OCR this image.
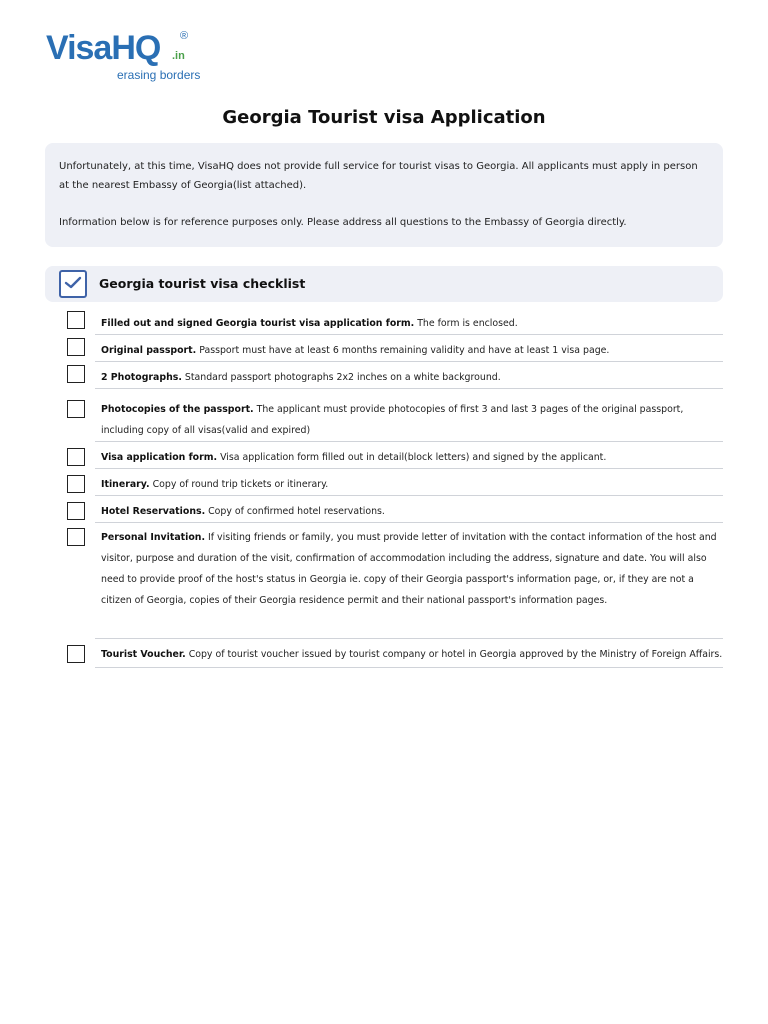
VisaHQ ®
.in
erasing borders
Georgia Tourist visa Application

Unfortunately, at this time, VisaHQ does not provide full service for tourist visas to Georgia. All applicants must apply in person at the nearest Embassy of Georgia(list attached).

Information below is for reference purposes only. Please address all questions to the Embassy of Georgia directly.

Georgia tourist visa checklist
Filled out and signed Georgia tourist visa application form. The form is enclosed.
Original passport. Passport must have at least 6 months remaining validity and have at least 1 visa page.
2 Photographs. Standard passport photographs 2x2 inches on a white background.
Photocopies of the passport. The applicant must provide photocopies of first 3 and last 3 pages of the original passport, including copy of all visas(valid and expired)
Visa application form. Visa application form filled out in detail(block letters) and signed by the applicant.
Itinerary. Copy of round trip tickets or itinerary.
Hotel Reservations. Copy of confirmed hotel reservations.
Personal Invitation. If visiting friends or family, you must provide letter of invitation with the contact information of the host and visitor, purpose and duration of the visit, confirmation of accommodation including the address, signature and date. You will also need to provide proof of the host's status in Georgia ie. copy of their Georgia passport's information page, or, if they are not a citizen of Georgia, copies of their Georgia residence permit and their national passport's information pages.
Tourist Voucher. Copy of tourist voucher issued by tourist company or hotel in Georgia approved by the Ministry of Foreign Affairs.
